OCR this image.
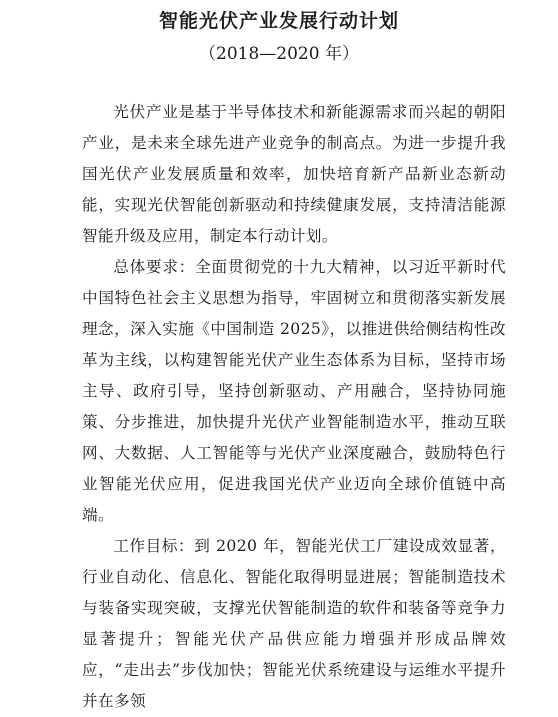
智能光伏产业发展行动计划
（2018—2020 年）

光伏产业是基于半导体技术和新能源需求而兴起的朝阳产业，是未来全球先进产业竞争的制高点。为进一步提升我国光伏产业发展质量和效率，加快培育新产品新业态新动能，实现光伏智能创新驱动和持续健康发展，支持清洁能源智能升级及应用，制定本行动计划。

总体要求：全面贯彻党的十九大精神，以习近平新时代中国特色社会主义思想为指导，牢固树立和贯彻落实新发展理念，深入实施《中国制造 2025》，以推进供给侧结构性改革为主线，以构建智能光伏产业生态体系为目标，坚持市场主导、政府引导，坚持创新驱动、产用融合，坚持协同施策、分步推进，加快提升光伏产业智能制造水平，推动互联网、大数据、人工智能等与光伏产业深度融合，鼓励特色行业智能光伏应用，促进我国光伏产业迈向全球价值链中高端。

工作目标：到 2020 年，智能光伏工厂建设成效显著，行业自动化、信息化、智能化取得明显进展；智能制造技术与装备实现突破，支撑光伏智能制造的软件和装备等竞争力显著提升；智能光伏产品供应能力增强并形成品牌效应，“走出去”步伐加快；智能光伏系统建设与运维水平提升并在多领
